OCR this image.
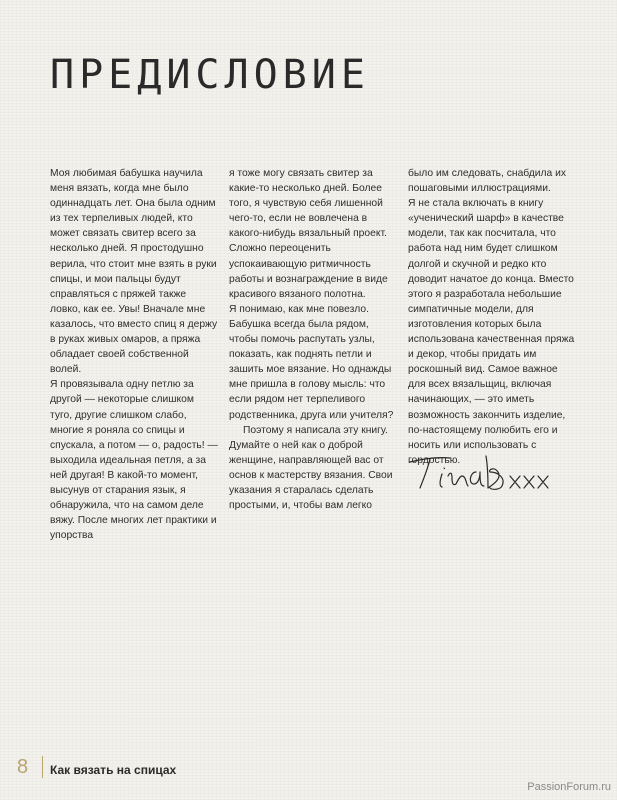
ПРЕДИСЛОВИЕ

Моя любимая бабушка научила меня вязать, когда мне было одиннадцать лет. Она была одним из тех терпеливых людей, кто может связать свитер всего за несколько дней. Я простодушно верила, что стоит мне взять в руки спицы, и мои пальцы будут справляться с пряжей также ловко, как ее. Увы! Вначале мне казалось, что вместо спиц я держу в руках живых омаров, а пряжа обладает своей собственной волей.

Я провязывала одну петлю за другой — некоторые слишком туго, другие слишком слабо, многие я роняла со спицы и спускала, а потом — о, радость! — выходила идеальная петля, а за ней другая! В какой-то момент, высунув от старания язык, я обнаружила, что на самом деле вяжу. После многих лет практики и упорства

я тоже могу связать свитер за какие-то несколько дней. Более того, я чувствую себя лишенной чего-то, если не вовлечена в какого-нибудь вязальный проект. Сложно переоценить успокаивающую ритмичность работы и вознаграждение в виде красивого вязаного полотна.

Я понимаю, как мне повезло. Бабушка всегда была рядом, чтобы помочь распутать узлы, показать, как поднять петли и зашить мое вязание. Но однажды мне пришла в голову мысль: что если рядом нет терпеливого родственника, друга или учителя?

Поэтому я написала эту книгу. Думайте о ней как о доброй женщине, направляющей вас от основ к мастерству вязания. Свои указания я старалась сделать простыми, и, чтобы вам легко

было им следовать, снабдила их пошаговыми иллюстрациями.

Я не стала включать в книгу «ученический шарф» в качестве модели, так как посчитала, что работа над ним будет слишком долгой и скучной и редко кто доводит начатое до конца. Вместо этого я разработала небольшие симпатичные модели, для изготовления которых была использована качественная пряжа и декор, чтобы придать им роскошный вид. Самое важное для всех вязальщиц, включая начинающих, — это иметь возможность закончить изделие, по-настоящему полюбить его и носить или использовать с гордостью.

8 Как вязать на спицах
PassionForum.ru
